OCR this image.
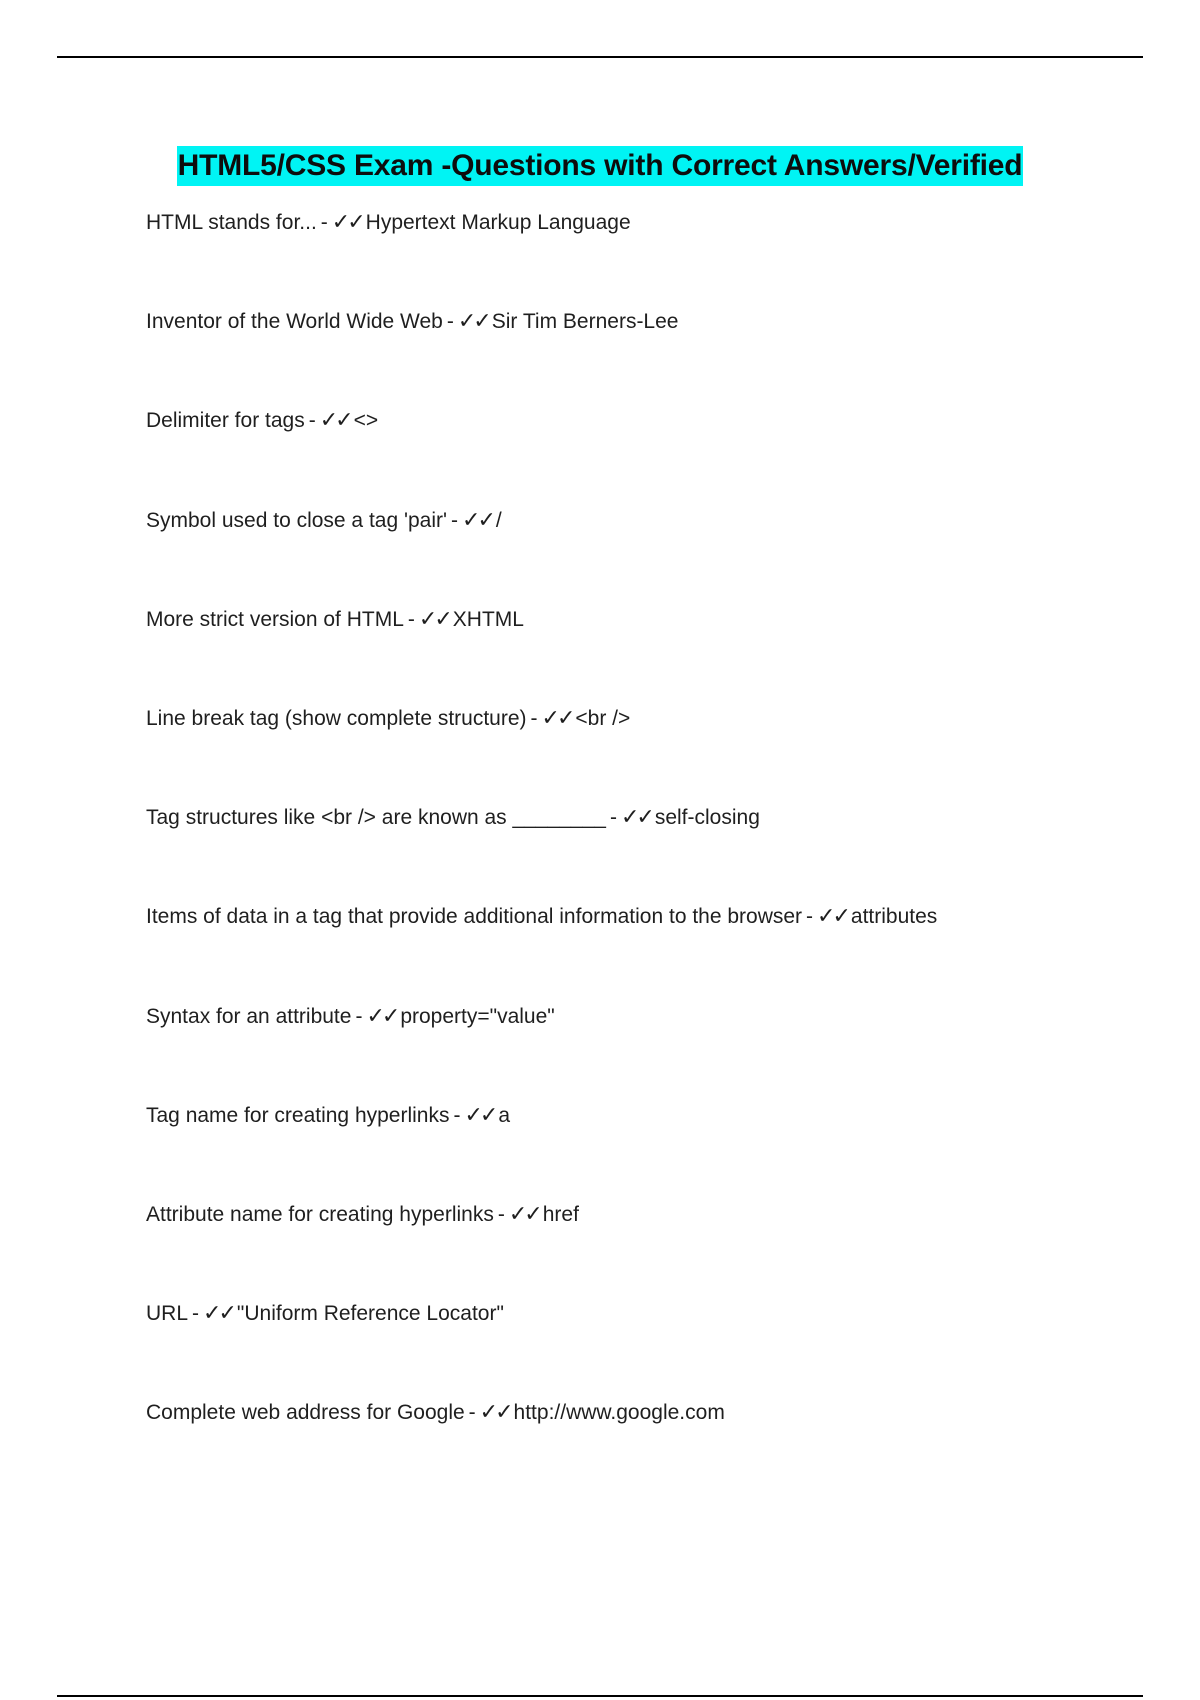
HTML5/CSS Exam -Questions with Correct Answers/Verified
HTML stands for... - ✓✓ Hypertext Markup Language
Inventor of the World Wide Web - ✓✓ Sir Tim Berners-Lee
Delimiter for tags - ✓✓ <>
Symbol used to close a tag 'pair' - ✓✓ /
More strict version of HTML - ✓✓ XHTML
Line break tag (show complete structure) - ✓✓ <br />
Tag structures like <br /> are known as ________ - ✓✓ self-closing
Items of data in a tag that provide additional information to the browser - ✓✓ attributes
Syntax for an attribute - ✓✓ property="value"
Tag name for creating hyperlinks - ✓✓ a
Attribute name for creating hyperlinks - ✓✓ href
URL - ✓✓ "Uniform Reference Locator"
Complete web address for Google - ✓✓ http://www.google.com
